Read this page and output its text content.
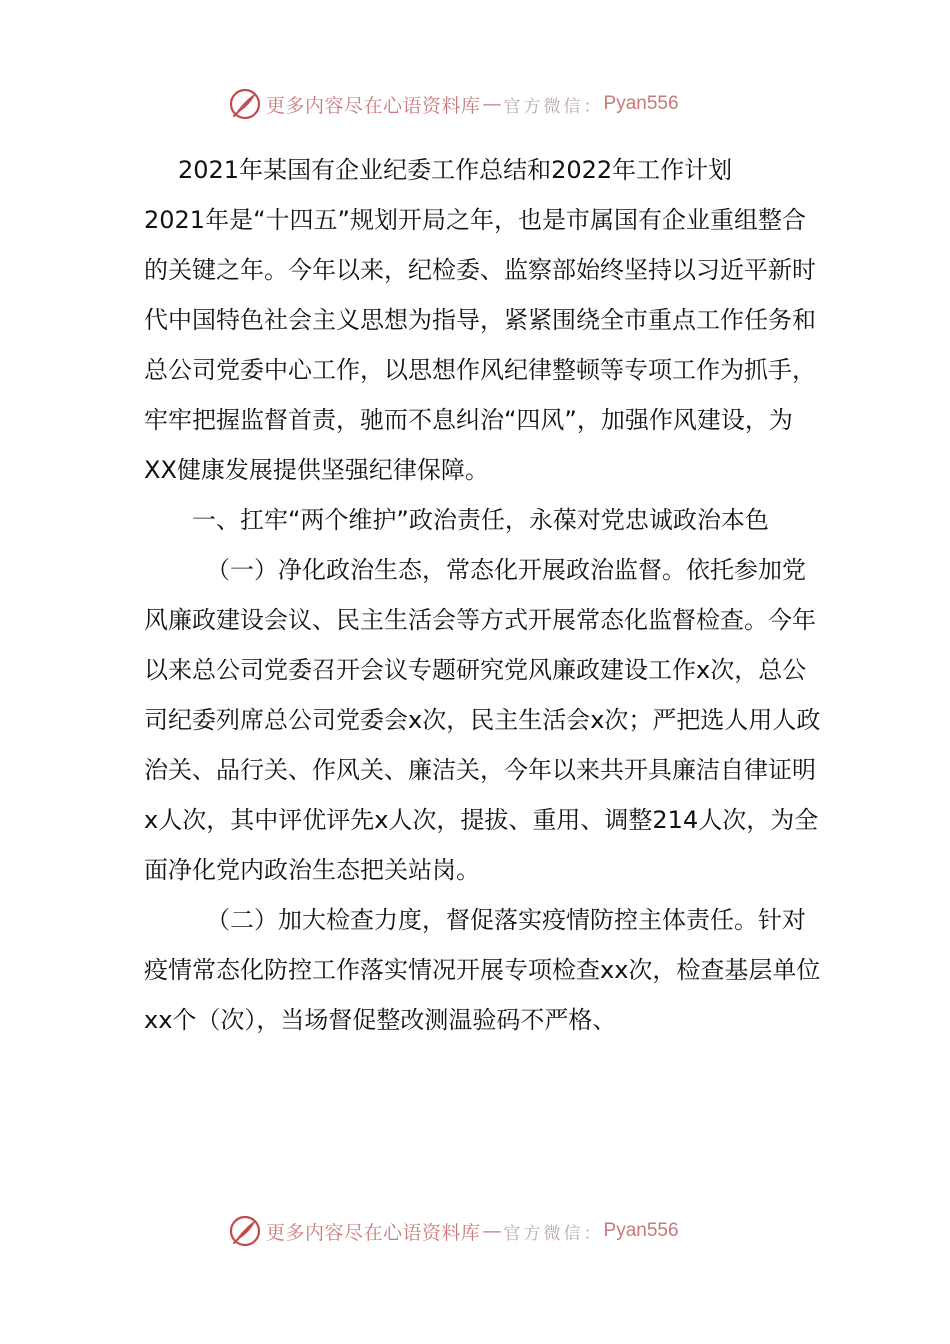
更多内容尽在心语资料库 — 官方微信： Pyan556

2021年某国有企业纪委工作总结和2022年工作计划

2021年是“十四五”规划开局之年，也是市属国有企业重组整合的关键之年。今年以来，纪检委、监察部始终坚持以习近平新时代中国特色社会主义思想为指导，紧紧围绕全市重点工作任务和总公司党委中心工作，以思想作风纪律整顿等专项工作为抓手，牢牢把握监督首责，驰而不息纠治“四风”，加强作风建设，为XX健康发展提供坚强纪律保障。

一、扛牢“两个维护”政治责任，永葆对党忠诚政治本色

（一）净化政治生态，常态化开展政治监督。依托参加党风廉政建设会议、民主生活会等方式开展常态化监督检查。今年以来总公司党委召开会议专题研究党风廉政建设工作x次，总公司纪委列席总公司党委会x次，民主生活会x次；严把选人用人政治关、品行关、作风关、廉洁关，今年以来共开具廉洁自律证明x人次，其中评优评先x人次，提拔、重用、调整214人次，为全面净化党内政治生态把关站岗。

（二）加大检查力度，督促落实疫情防控主体责任。针对疫情常态化防控工作落实情况开展专项检查xx次，检查基层单位xx个（次），当场督促整改测温验码不严格、

更多内容尽在心语资料库 — 官方微信： Pyan556
